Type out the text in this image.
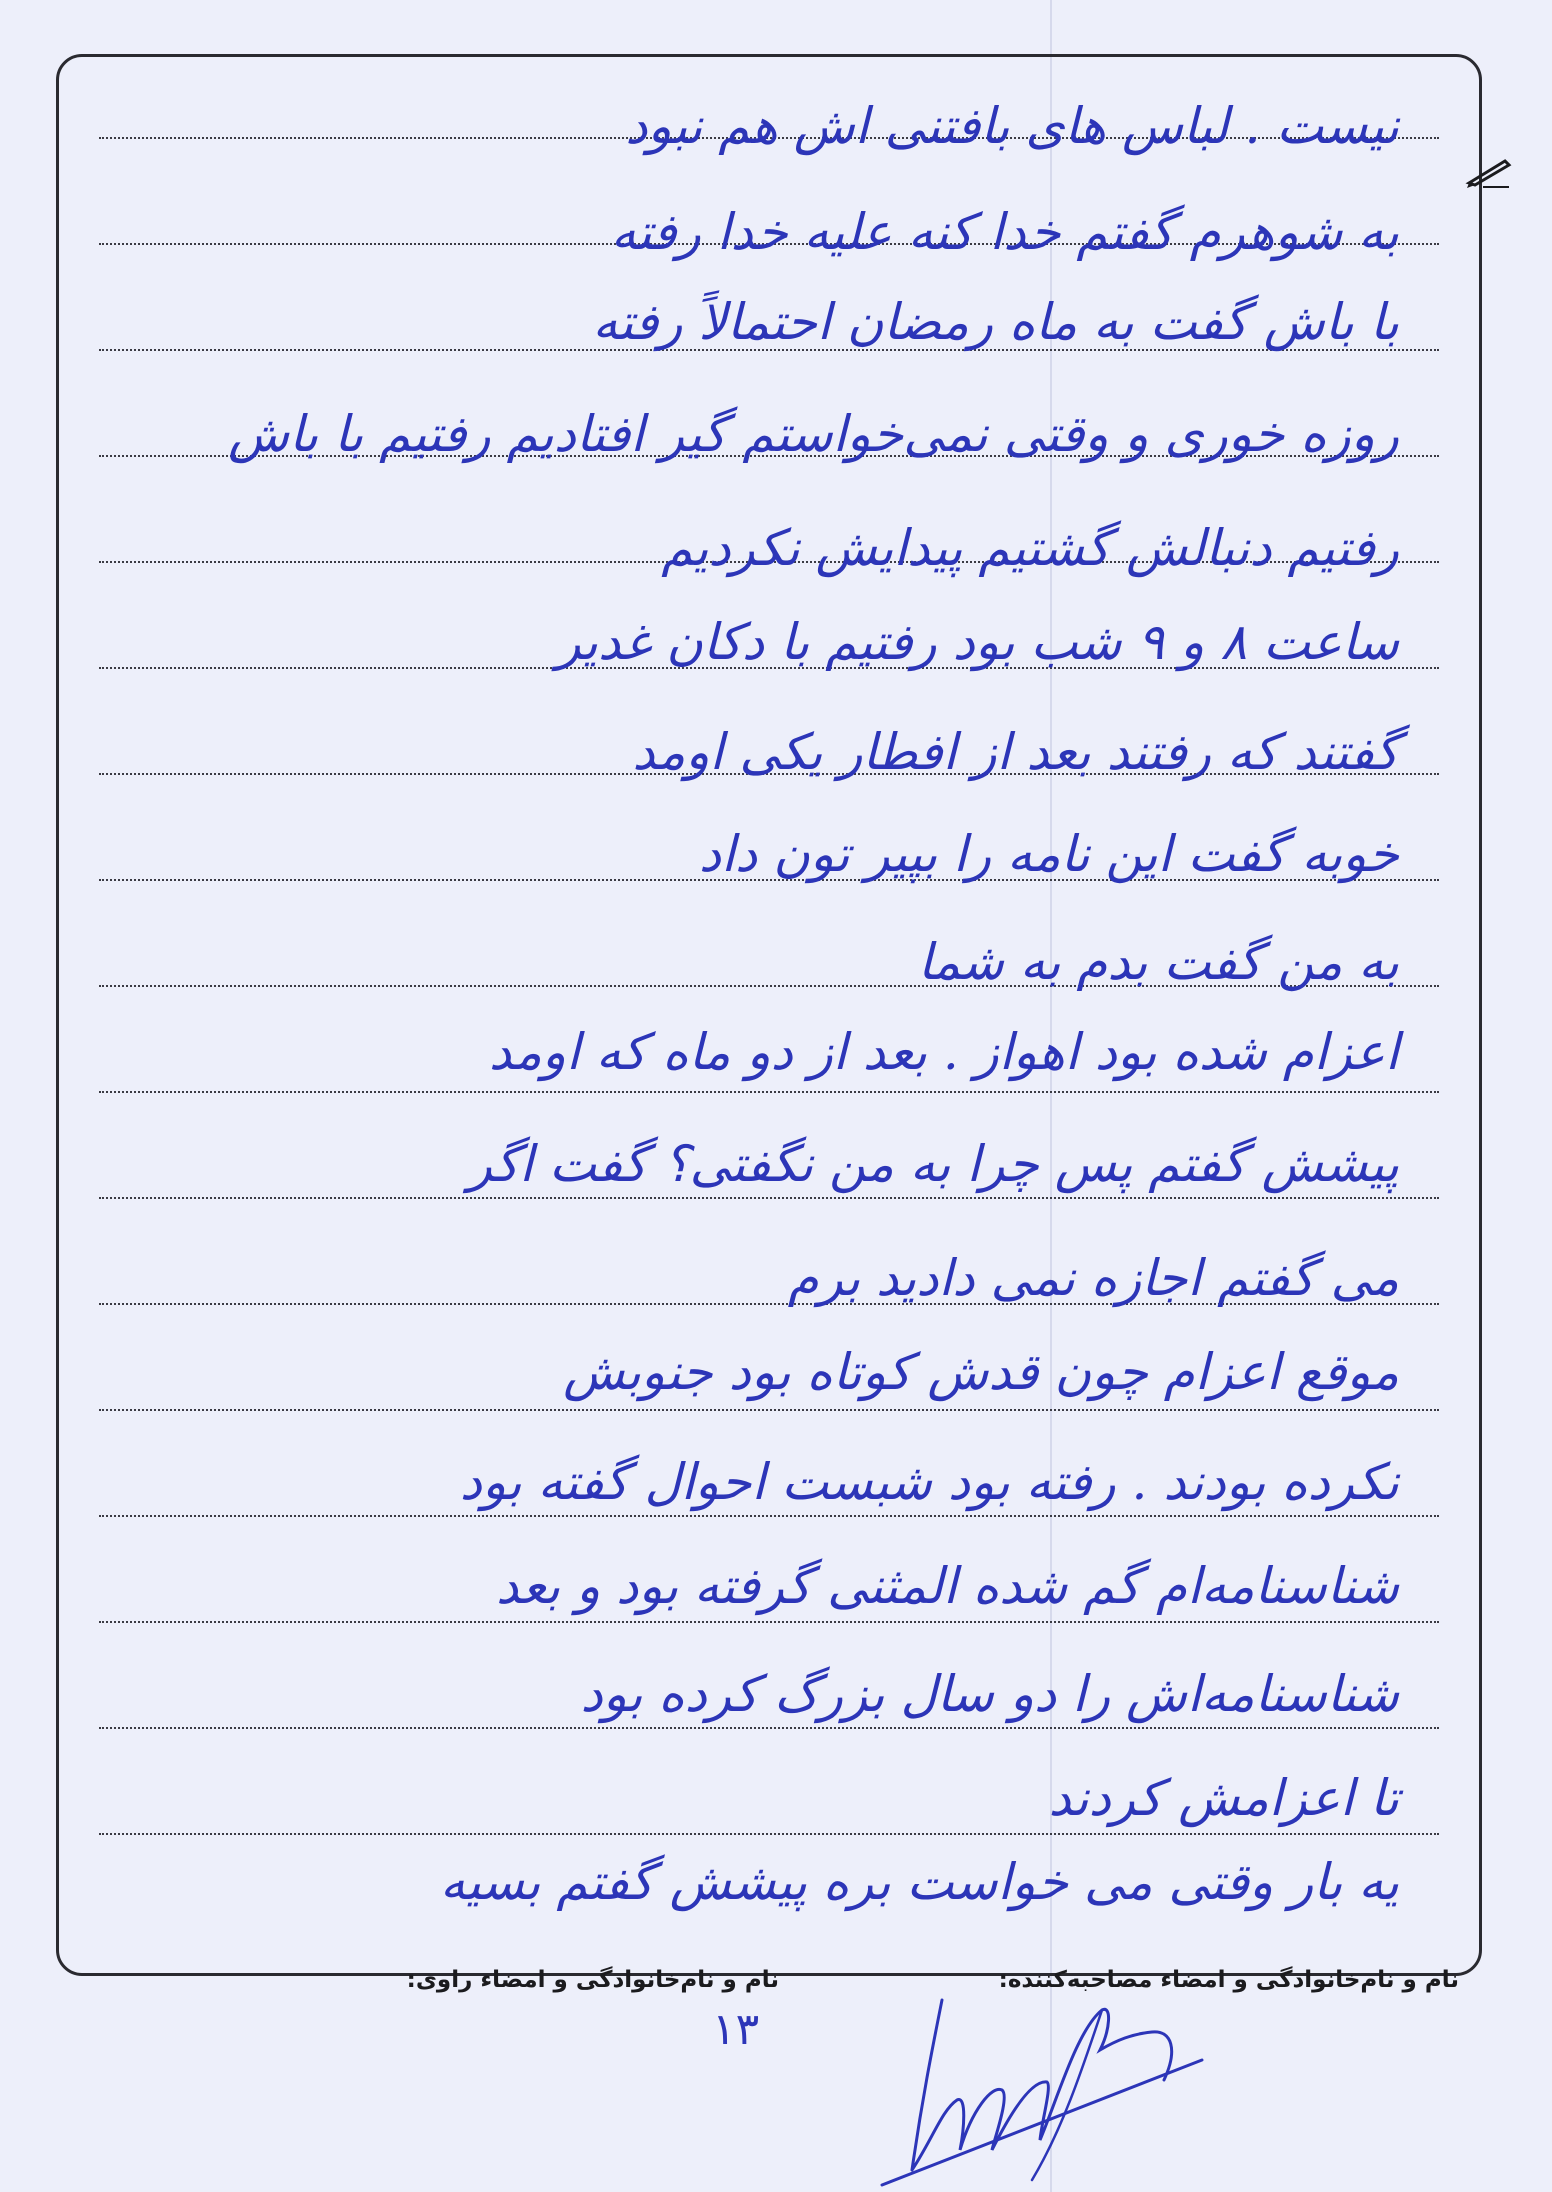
نیست . لباس های بافتنی اش هم نبود
به شوهرم گفتم خدا کنه علیه خدا رفته
با باش گفت به ماه رمضان احتمالاً رفته
روزه خوری و وقتی نمی‌خواستم گیر افتادیم رفتیم با باش
رفتیم دنبالش گشتیم پیدایش نکردیم
ساعت ۸ و ۹ شب بود رفتیم با دکان غدیر
گفتند که رفتند بعد از افطار یکی اومد
خوبه گفت این نامه را بپیر تون داد
به من گفت بدم به شما
اعزام شده بود اهواز . بعد از دو ماه که اومد
پیشش گفتم پس چرا به من نگفتی؟ گفت اگر
می گفتم اجازه نمی دادید برم
موقع اعزام چون قدش کوتاه بود جنوبش
نکرده بودند . رفته بود شبست احوال گفته بود
شناسنامه‌ام گم شده المثنی گرفته بود و بعد
شناسنامه‌اش را دو سال بزرگ کرده بود
تا اعزامش کردند
یه بار وقتی می خواست بره پیشش گفتم بسیه
نام و نام‌خانوادگی و امضاء مصاحبه‌کننده:
نام و نام‌خانوادگی و امضاء راوی:
۱۳
